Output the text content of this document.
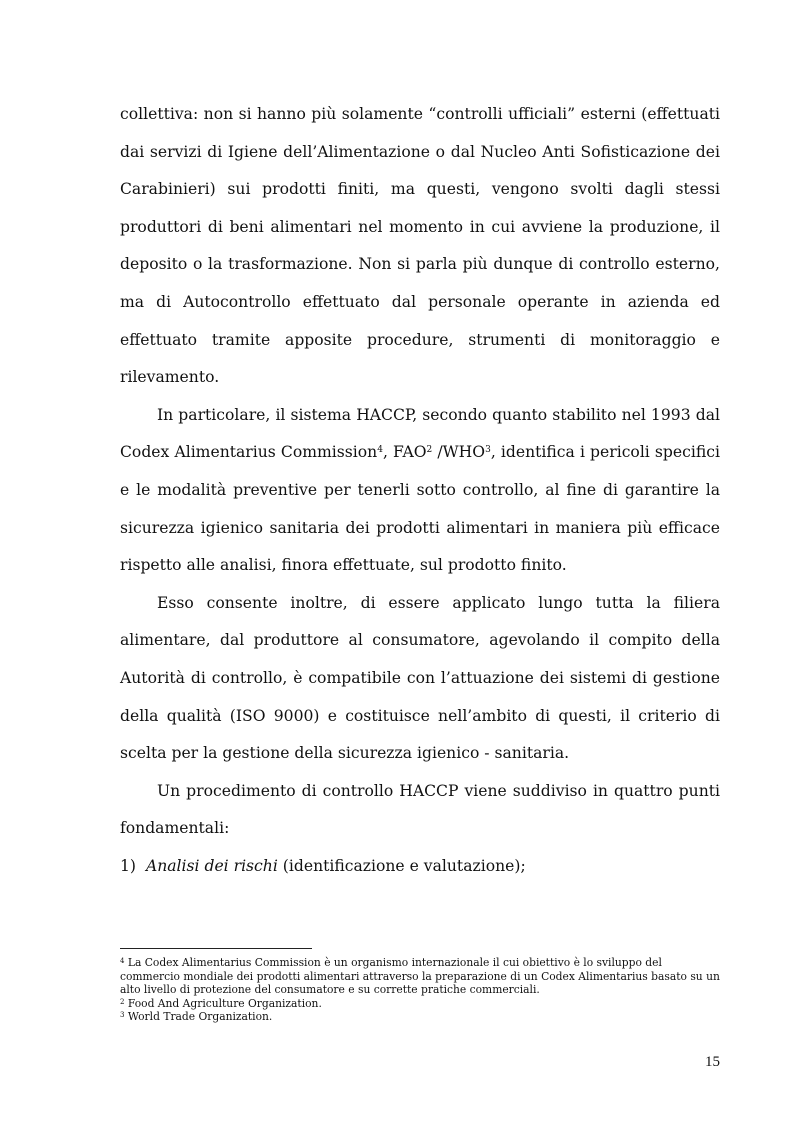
collettiva: non si hanno più solamente “controlli ufficiali” esterni (effettuati dai servizi di Igiene dell’Alimentazione o dal Nucleo Anti Sofisticazione dei Carabinieri) sui prodotti finiti, ma questi, vengono svolti dagli stessi produttori di beni alimentari nel momento in cui avviene la produzione, il deposito o la trasformazione. Non si parla più dunque di controllo esterno, ma di Autocontrollo effettuato dal personale operante in azienda ed effettuato tramite apposite procedure, strumenti di monitoraggio e rilevamento.

In particolare, il sistema HACCP, secondo quanto stabilito nel 1993 dal Codex Alimentarius Commission$^4$, FAO$^2$ /WHO$^3$, identifica i pericoli specifici e le modalità preventive per tenerli sotto controllo, al fine di garantire la sicurezza igienico sanitaria dei prodotti alimentari in maniera più efficace rispetto alle analisi, finora effettuate, sul prodotto finito.

Esso consente inoltre, di essere applicato lungo tutta la filiera alimentare, dal produttore al consumatore, agevolando il compito della Autorità di controllo, è compatibile con l’attuazione dei sistemi di gestione della qualità (ISO 9000) e costituisce nell’ambito di questi, il criterio di scelta per la gestione della sicurezza igienico - sanitaria.

Un procedimento di controllo HACCP viene suddiviso in quattro punti fondamentali:

1) Analisi dei rischi (identificazione e valutazione);
$^4$ La Codex Alimentarius Commission è un organismo internazionale il cui obiettivo è lo sviluppo del commercio mondiale dei prodotti alimentari attraverso la preparazione di un Codex Alimentarius basato su un alto livello di protezione del consumatore e su corrette pratiche commerciali.
$^2$ Food And Agriculture Organization.
$^3$ World Trade Organization.
15
